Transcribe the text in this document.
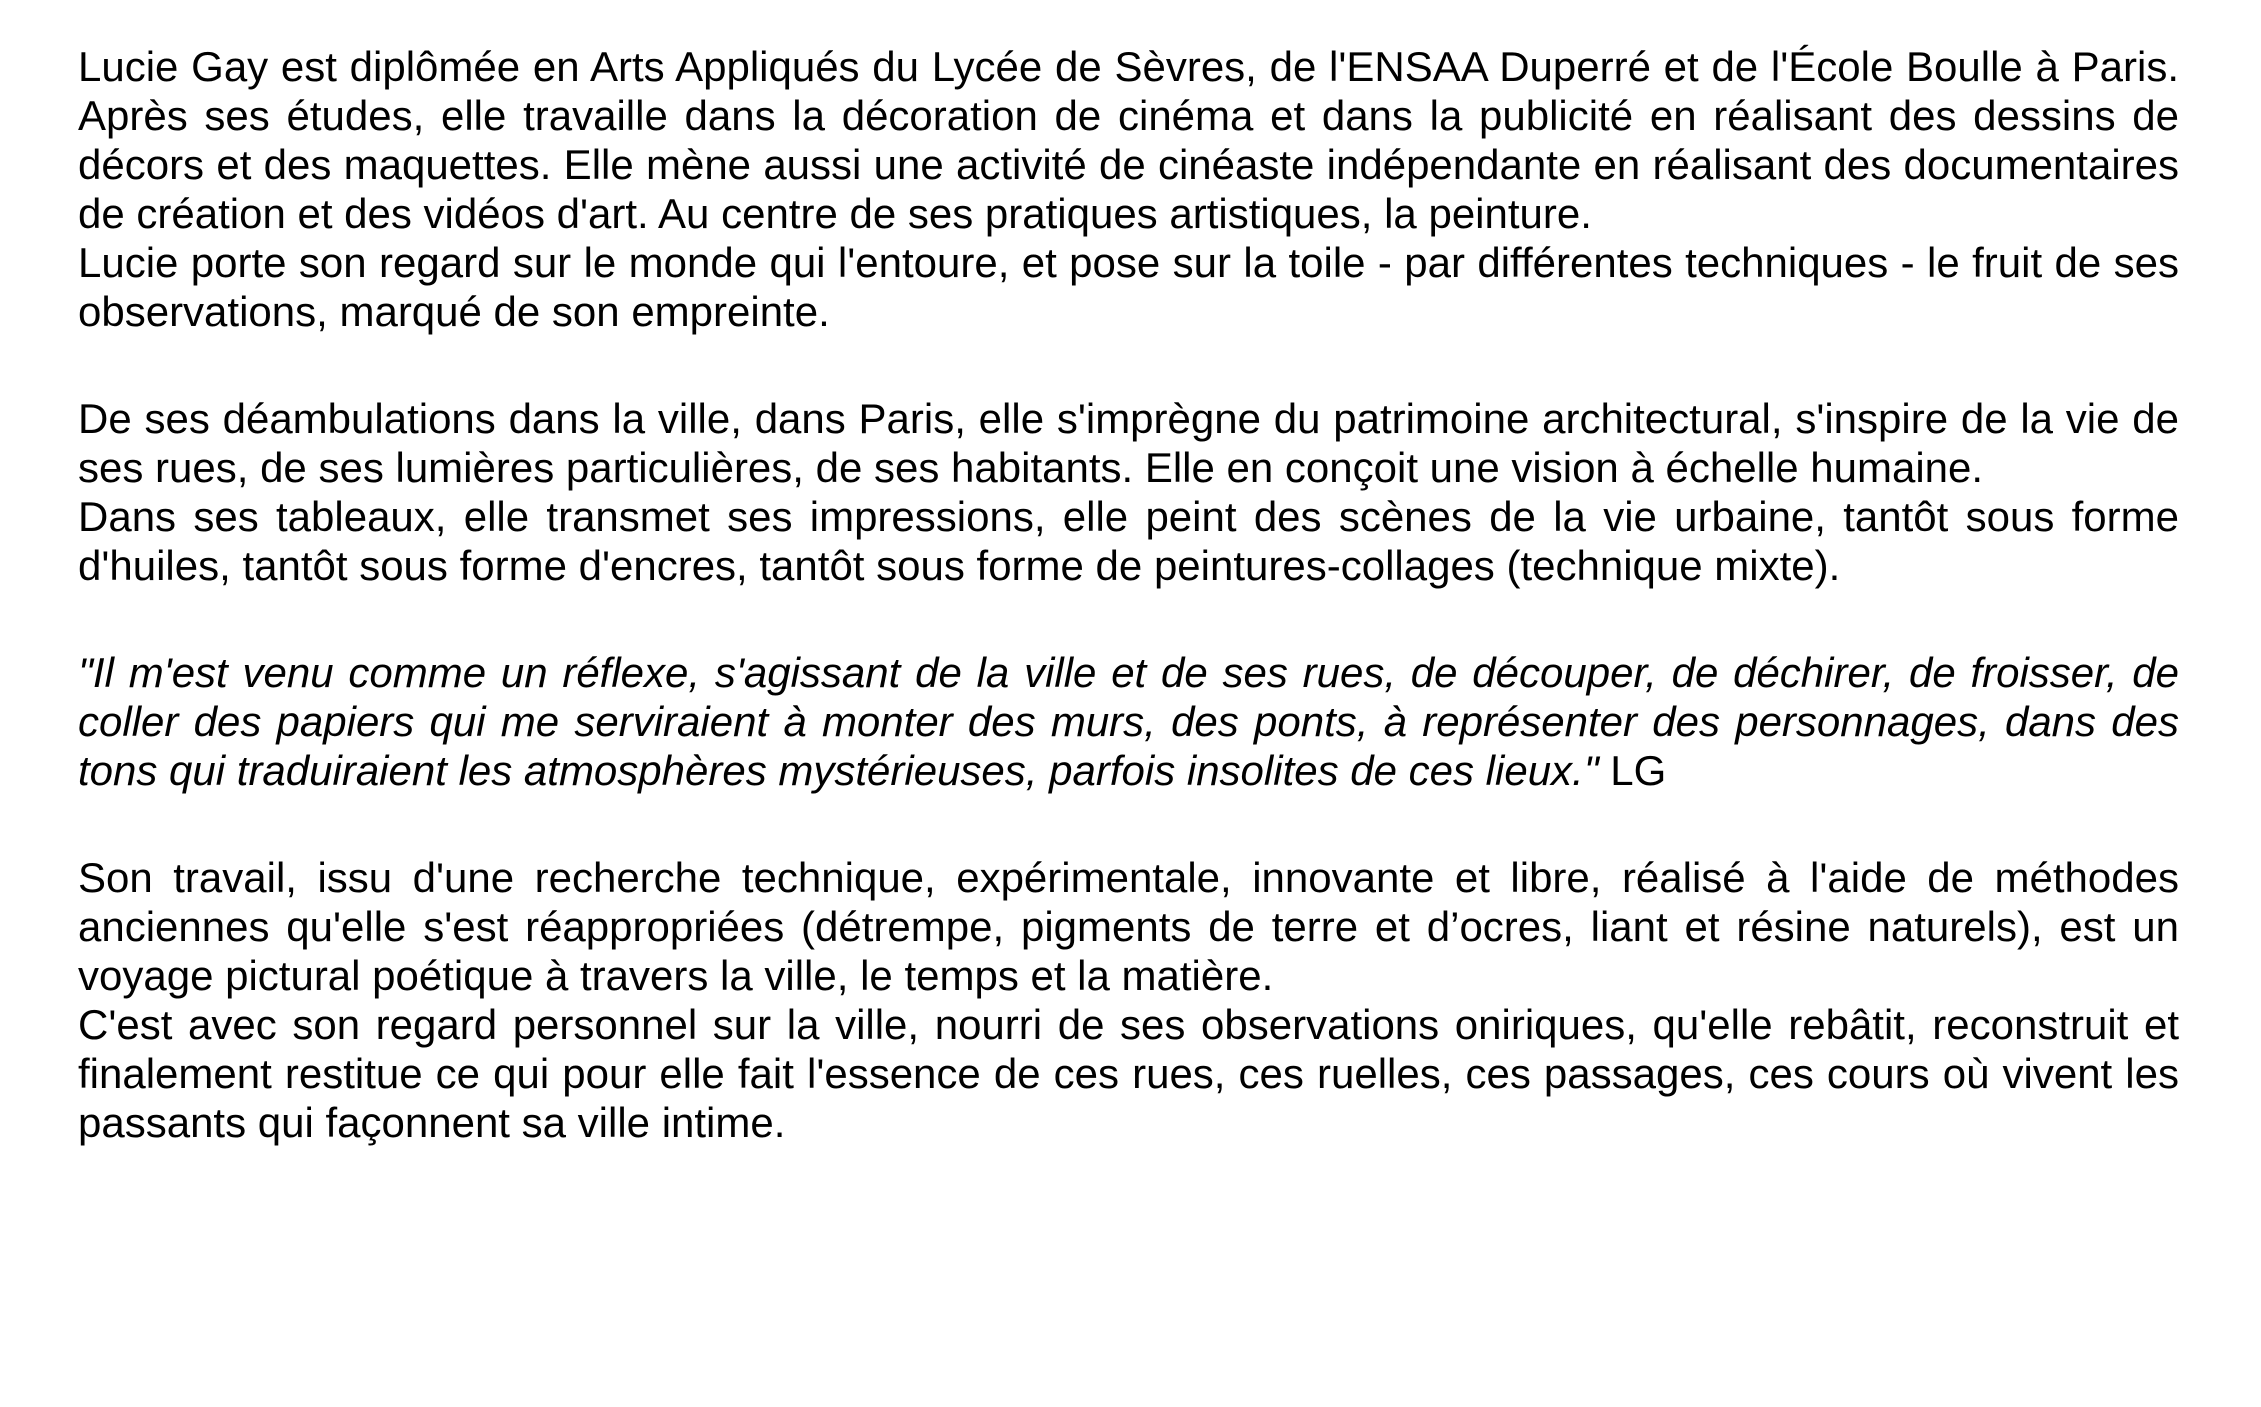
Lucie Gay est diplômée en Arts Appliqués du Lycée de Sèvres, de l'ENSAA Duperré et de l'École Boulle à Paris. Après ses études, elle travaille dans la décoration de cinéma et dans la publicité en réalisant des dessins de décors et des maquettes. Elle mène aussi une activité de cinéaste indépendante en réalisant des documentaires de création et des vidéos d'art. Au centre de ses pratiques artistiques, la peinture.

Lucie porte son regard sur le monde qui l'entoure, et pose sur la toile - par différentes techniques - le fruit de ses observations, marqué de son empreinte.

De ses déambulations dans la ville, dans Paris, elle s'imprègne du patrimoine architectural, s'inspire de la vie de ses rues, de ses lumières particulières, de ses habitants. Elle en conçoit une vision à échelle humaine.

Dans ses tableaux, elle transmet ses impressions, elle peint des scènes de la vie urbaine, tantôt sous forme d'huiles, tantôt sous forme d'encres, tantôt sous forme de peintures-collages (technique mixte).

"Il m'est venu comme un réflexe, s'agissant de la ville et de ses rues, de découper, de déchirer, de froisser, de coller des papiers qui me serviraient à monter des murs, des ponts, à représenter des personnages, dans des tons qui traduiraient les atmosphères mystérieuses, parfois insolites de ces lieux." LG

Son travail, issu d'une recherche technique, expérimentale, innovante et libre, réalisé à l'aide de méthodes anciennes qu'elle s'est réappropriées (détrempe, pigments de terre et d’ocres, liant et résine naturels), est un voyage pictural poétique à travers la ville, le temps et la matière.

C'est avec son regard personnel sur la ville, nourri de ses observations oniriques, qu'elle rebâtit, reconstruit et finalement restitue ce qui pour elle fait l'essence de ces rues, ces ruelles, ces passages, ces cours où vivent les passants qui façonnent sa ville intime.
